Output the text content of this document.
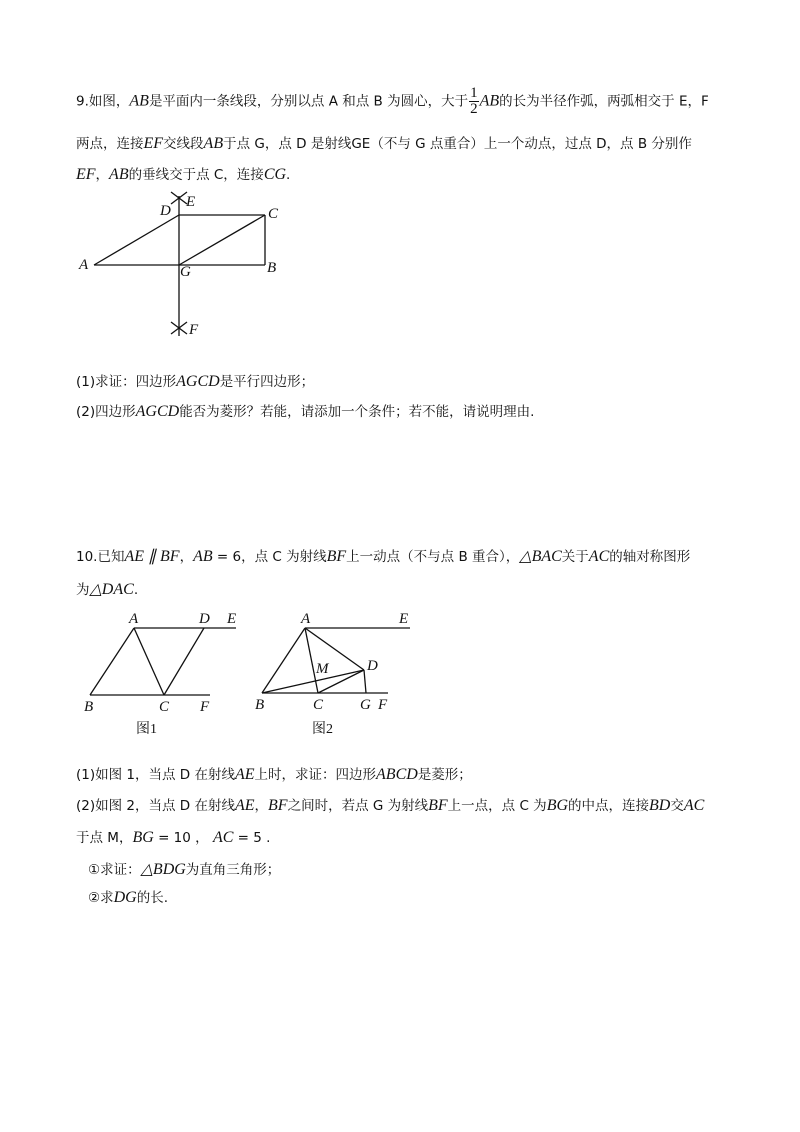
9.如图，AB是平面内一条线段，分别以点 A 和点 B 为圆心，大于 $\frac{1}{2}$ AB的长为半径作弧，两弧相交于 E，F
两点，连接EF交线段AB于点 G，点 D 是射线GE（不与 G 点重合）上一个动点，过点 D，点 B 分别作
EF，AB的垂线交于点 C，连接CG.
D
E
C
A	G	B
F
(1)求证：四边形AGCD是平行四边形；
(2)四边形AGCD能否为菱形？若能，请添加一个条件；若不能，请说明理由.
10.已知AE ∥ BF，AB = 6，点 C 为射线BF上一动点（不与点 B 重合），△BAC关于AC的轴对称图形
为△DAC.
A	D E
B	C F
图1
A	E
M	D
B	C G F
图2
(1)如图 1，当点 D 在射线AE上时，求证：四边形ABCD是菱形；
(2)如图 2，当点 D 在射线AE，BF之间时，若点 G 为射线BF上一点，点 C 为BG的中点，连接BD交AC
于点 M，BG = 10 ， AC = 5 .
①求证：△BDG为直角三角形；
②求DG的长.
